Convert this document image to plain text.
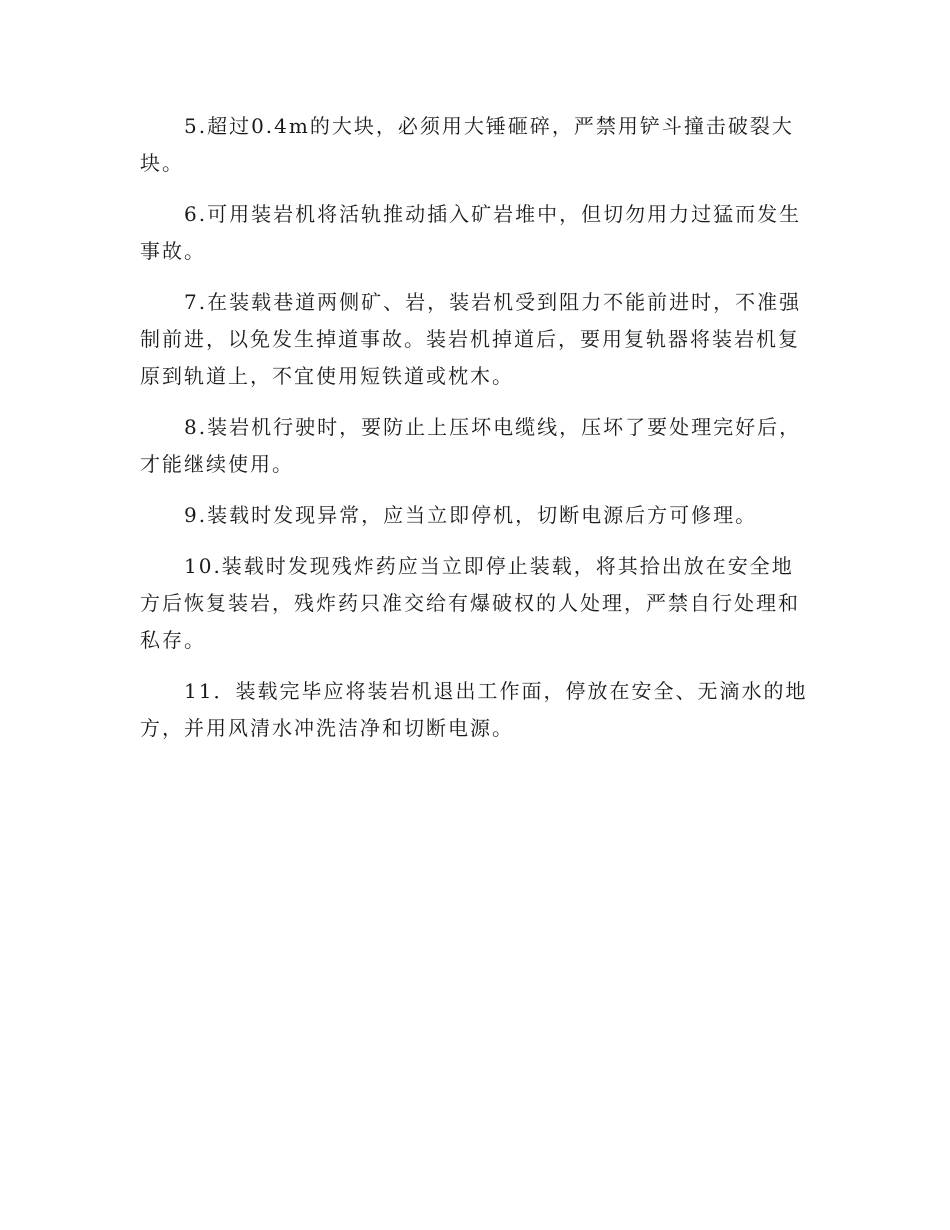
5.超过0.4m的大块，必须用大锤砸碎，严禁用铲斗撞击破裂大块。

6.可用装岩机将活轨推动插入矿岩堆中，但切勿用力过猛而发生事故。

7.在装载巷道两侧矿、岩，装岩机受到阻力不能前进时，不准强制前进，以免发生掉道事故。装岩机掉道后，要用复轨器将装岩机复原到轨道上，不宜使用短铁道或枕木。

8.装岩机行驶时，要防止上压坏电缆线，压坏了要处理完好后，才能继续使用。

9.装载时发现异常，应当立即停机，切断电源后方可修理。

10.装载时发现残炸药应当立即停止装载，将其拾出放在安全地方后恢复装岩，残炸药只准交给有爆破权的人处理，严禁自行处理和私存。

11．装载完毕应将装岩机退出工作面，停放在安全、无滴水的地方，并用风清水冲洗洁净和切断电源。
